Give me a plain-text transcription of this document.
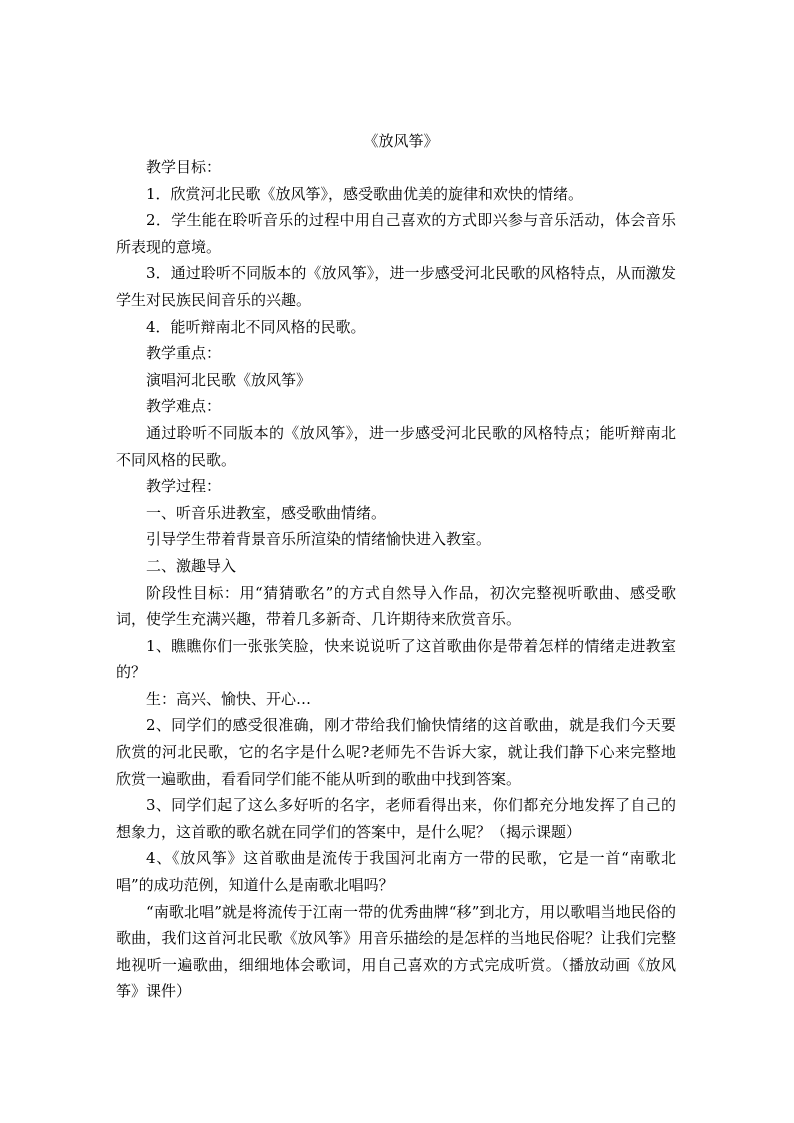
《放风筝》

教学目标：

1．欣赏河北民歌《放风筝》，感受歌曲优美的旋律和欢快的情绪。

2．学生能在聆听音乐的过程中用自己喜欢的方式即兴参与音乐活动，体会音乐所表现的意境。

3．通过聆听不同版本的《放风筝》，进一步感受河北民歌的风格特点，从而激发学生对民族民间音乐的兴趣。

4．能听辩南北不同风格的民歌。

教学重点：

演唱河北民歌《放风筝》

教学难点：

通过聆听不同版本的《放风筝》，进一步感受河北民歌的风格特点；能听辩南北不同风格的民歌。

教学过程：

一、听音乐进教室，感受歌曲情绪。

引导学生带着背景音乐所渲染的情绪愉快进入教室。

二、激趣导入

阶段性目标：用“猜猜歌名”的方式自然导入作品，初次完整视听歌曲、感受歌词，使学生充满兴趣，带着几多新奇、几许期待来欣赏音乐。

1、瞧瞧你们一张张笑脸，快来说说听了这首歌曲你是带着怎样的情绪走进教室的？

生：高兴、愉快、开心…

2、同学们的感受很准确，刚才带给我们愉快情绪的这首歌曲，就是我们今天要欣赏的河北民歌，它的名字是什么呢?老师先不告诉大家，就让我们静下心来完整地欣赏一遍歌曲，看看同学们能不能从听到的歌曲中找到答案。

3、同学们起了这么多好听的名字，老师看得出来，你们都充分地发挥了自己的想象力，这首歌的歌名就在同学们的答案中，是什么呢？（揭示课题）

4、《放风筝》这首歌曲是流传于我国河北南方一带的民歌，它是一首“南歌北唱”的成功范例，知道什么是南歌北唱吗？

“南歌北唱”就是将流传于江南一带的优秀曲牌“移”到北方，用以歌唱当地民俗的歌曲，我们这首河北民歌《放风筝》用音乐描绘的是怎样的当地民俗呢？让我们完整地视听一遍歌曲，细细地体会歌词，用自己喜欢的方式完成听赏。（播放动画《放风筝》课件）
